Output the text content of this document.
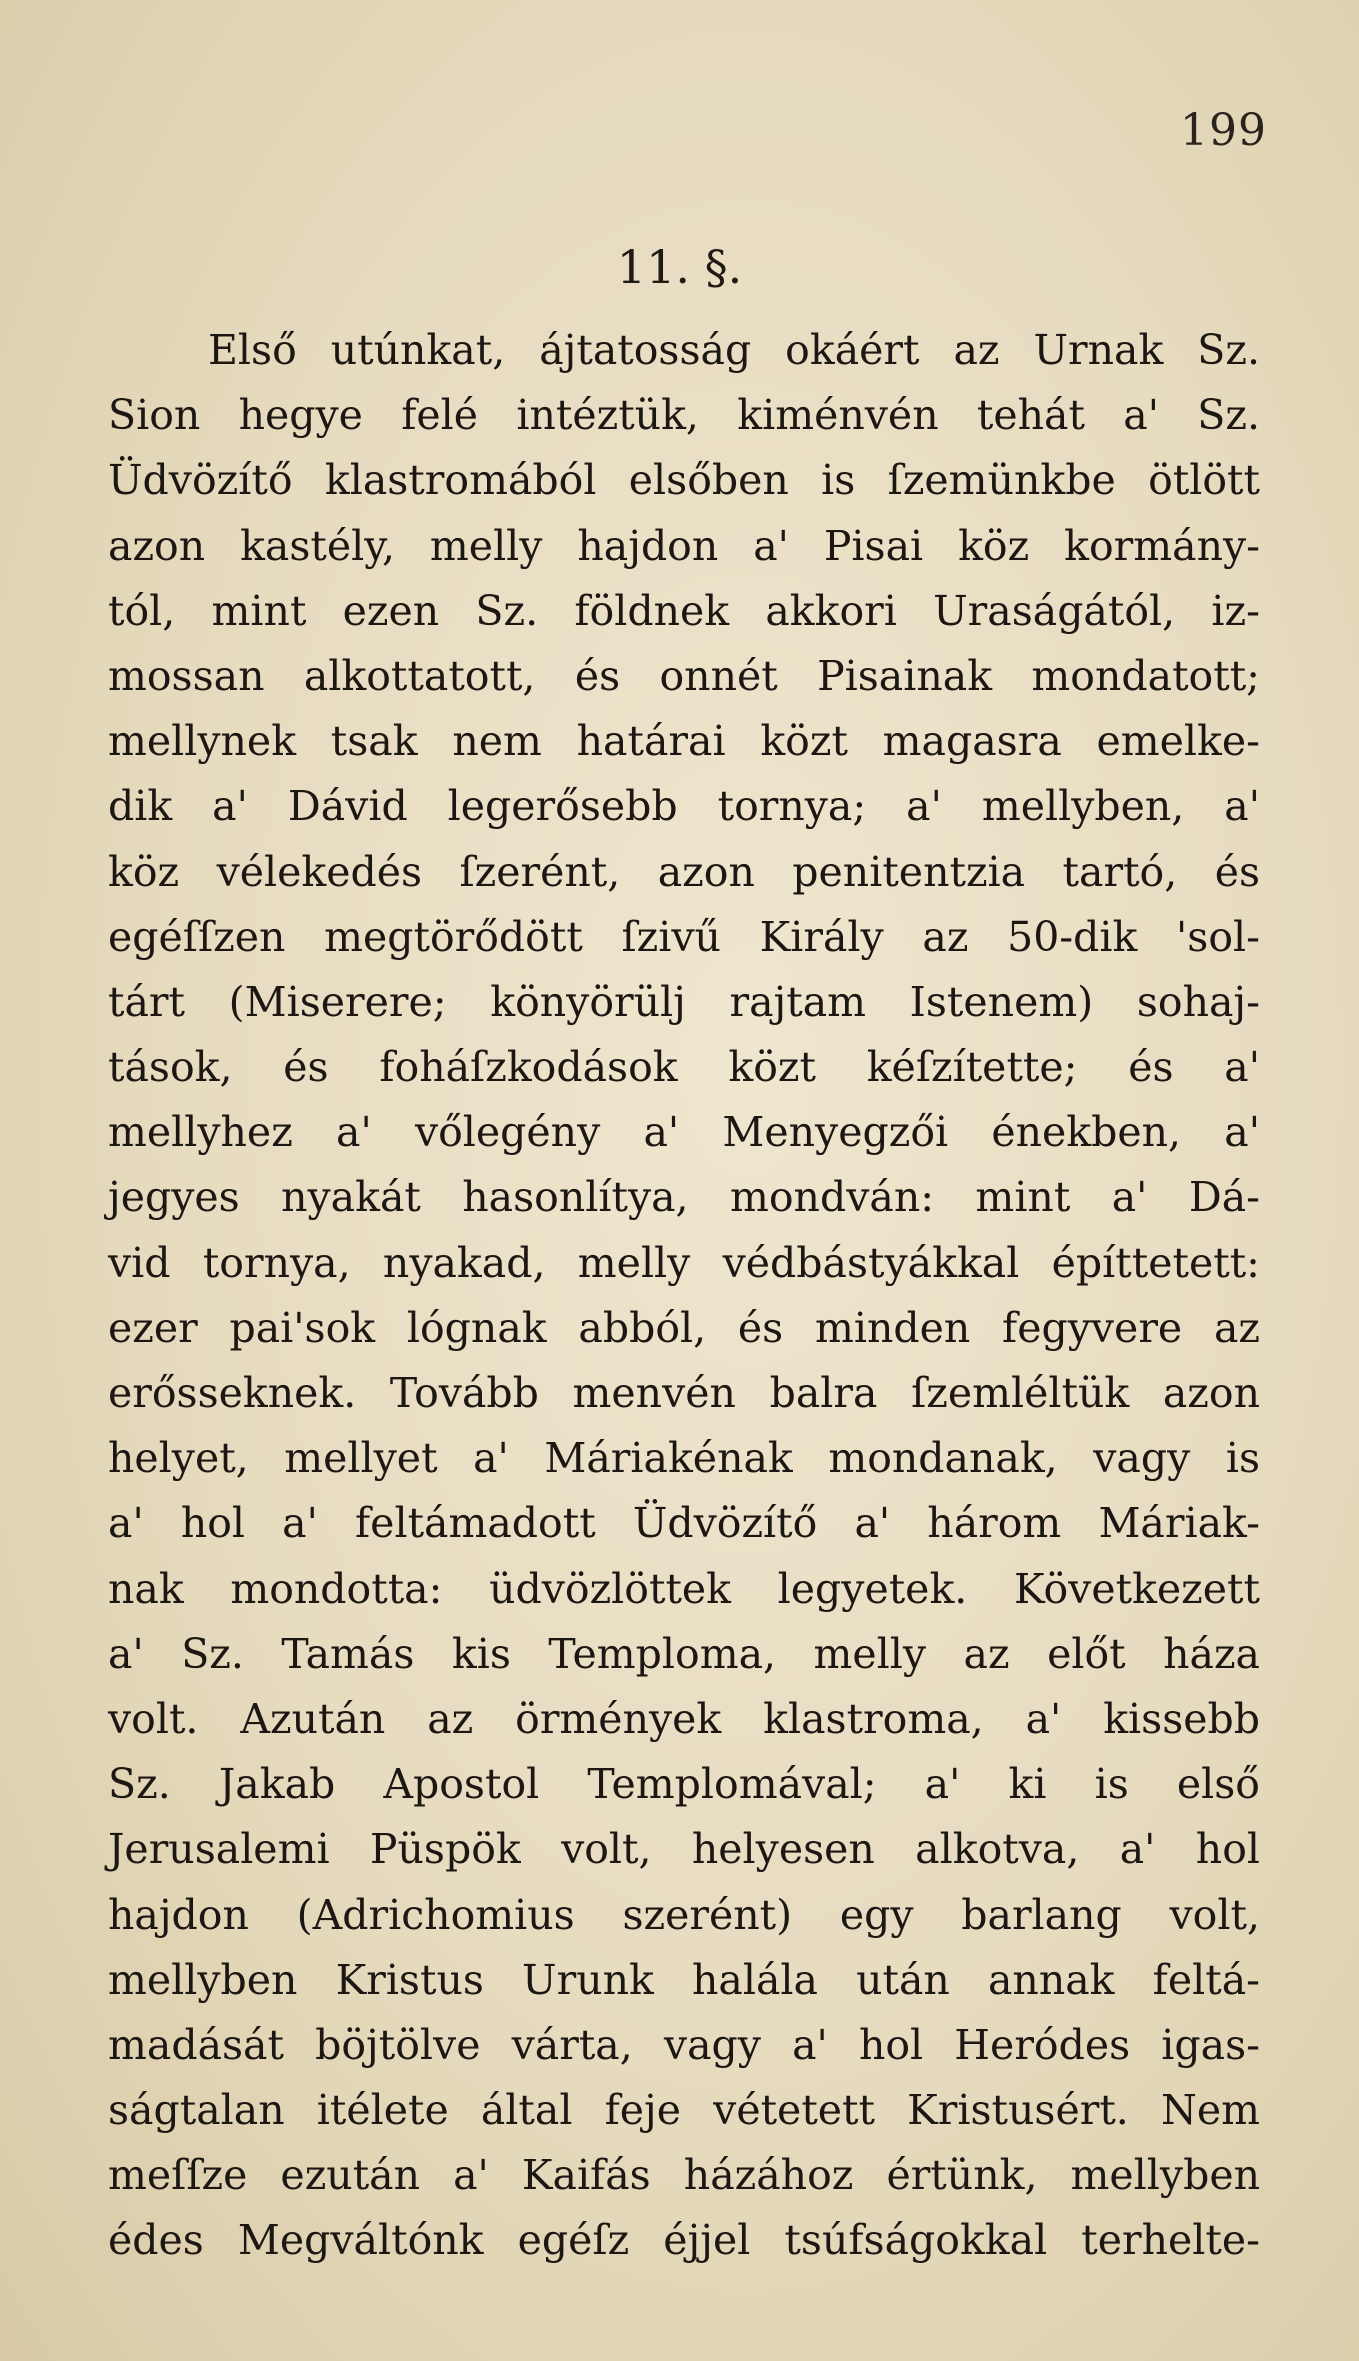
199
11. §.
Első utúnkat, ájtatosság okáért az Urnak Sz.
Sion hegye felé intéztük, kiménvén tehát a' Sz.
Üdvözítő klastromából elsőben is ſzemünkbe ötlött
azon kastély, melly hajdon a' Pisai köz kormány-
tól, mint ezen Sz. földnek akkori Uraságától, iz-
mossan alkottatott, és onnét Pisainak mondatott;
mellynek tsak nem határai közt magasra emelke-
dik a' Dávid legerősebb tornya; a' mellyben, a'
köz vélekedés ſzerént, azon penitentzia tartó, és
egéſſzen megtörődött ſzivű Király az 50-dik 'sol-
tárt (Miserere; könyörülj rajtam Istenem) sohaj-
tások, és foháſzkodások közt kéſzítette; és a'
mellyhez a' vőlegény a' Menyegzői énekben, a'
jegyes nyakát hasonlítya, mondván: mint a' Dá-
vid tornya, nyakad, melly védbástyákkal építtetett:
ezer pai'sok lógnak abból, és minden fegyvere az
erősseknek. Tovább menvén balra ſzemléltük azon
helyet, mellyet a' Máriakénak mondanak, vagy is
a' hol a' feltámadott Üdvözítő a' három Máriak-
nak mondotta: üdvözlöttek legyetek. Következett
a' Sz. Tamás kis Temploma, melly az előt háza
volt. Azután az örmények klastroma, a' kissebb
Sz. Jakab Apostol Templomával; a' ki is első
Jerusalemi Püspök volt, helyesen alkotva, a' hol
hajdon (Adrichomius szerént) egy barlang volt,
mellyben Kristus Urunk halála után annak feltá-
madását böjtölve várta, vagy a' hol Heródes igas-
ságtalan itélete által feje vétetett Kristusért. Nem
meſſze ezután a' Kaifás házához értünk, mellyben
édes Megváltónk egéſz éjjel tsúfságokkal terhelte-
